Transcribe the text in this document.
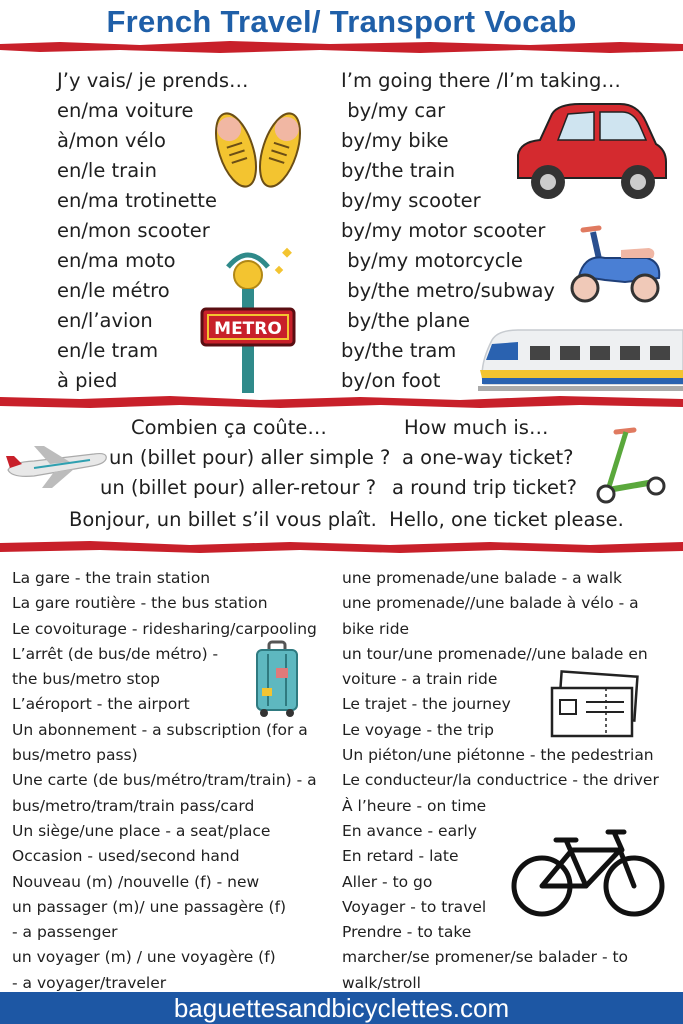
French Travel/ Transport Vocab
J’y vais/ je prends…
en/ma voiture
à/mon vélo
en/le train
en/ma trotinette
en/mon scooter
en/ma moto
en/le métro
en/l’avion
en/le tram
à pied
I’m going there /I’m taking…
by/my car
by/my bike
by/the train
by/my scooter
by/my motor scooter
by/my motorcycle
by/the metro/subway
by/the plane
by/the tram
by/on foot
METRO
Combien ça coûte…	How much is…
un (billet pour) aller simple ? a one-way ticket?
un (billet pour) aller-retour ? a round trip ticket?
Bonjour, un billet s’il vous plaît.  Hello, one ticket please.
La gare - the train station
La gare routière - the bus station
Le covoiturage - ridesharing/carpooling
L’arrêt (de bus/de métro) -
the bus/metro stop
L’aéroport - the airport
Un abonnement - a subscription (for a
bus/metro pass)
Une carte (de bus/métro/tram/train) - a
bus/metro/tram/train pass/card
Un siège/une place - a seat/place
Occasion - used/second hand
Nouveau (m) /nouvelle (f) - new
un passager (m)/ une passagère (f)
- a passenger
un voyager (m) / une voyagère (f)
- a voyager/traveler
une promenade/une balade - a walk
une promenade//une balade à vélo - a
bike ride
un tour/une promenade//une balade en
voiture - a train ride
Le trajet - the journey
Le voyage - the trip
Un piéton/une piétonne - the pedestrian
Le conducteur/la conductrice - the driver
À l’heure - on time
En avance - early
En retard - late
Aller - to go
Voyager - to travel
Prendre - to take
marcher/se promener/se balader - to
walk/stroll
baguettesandbicyclettes.com
